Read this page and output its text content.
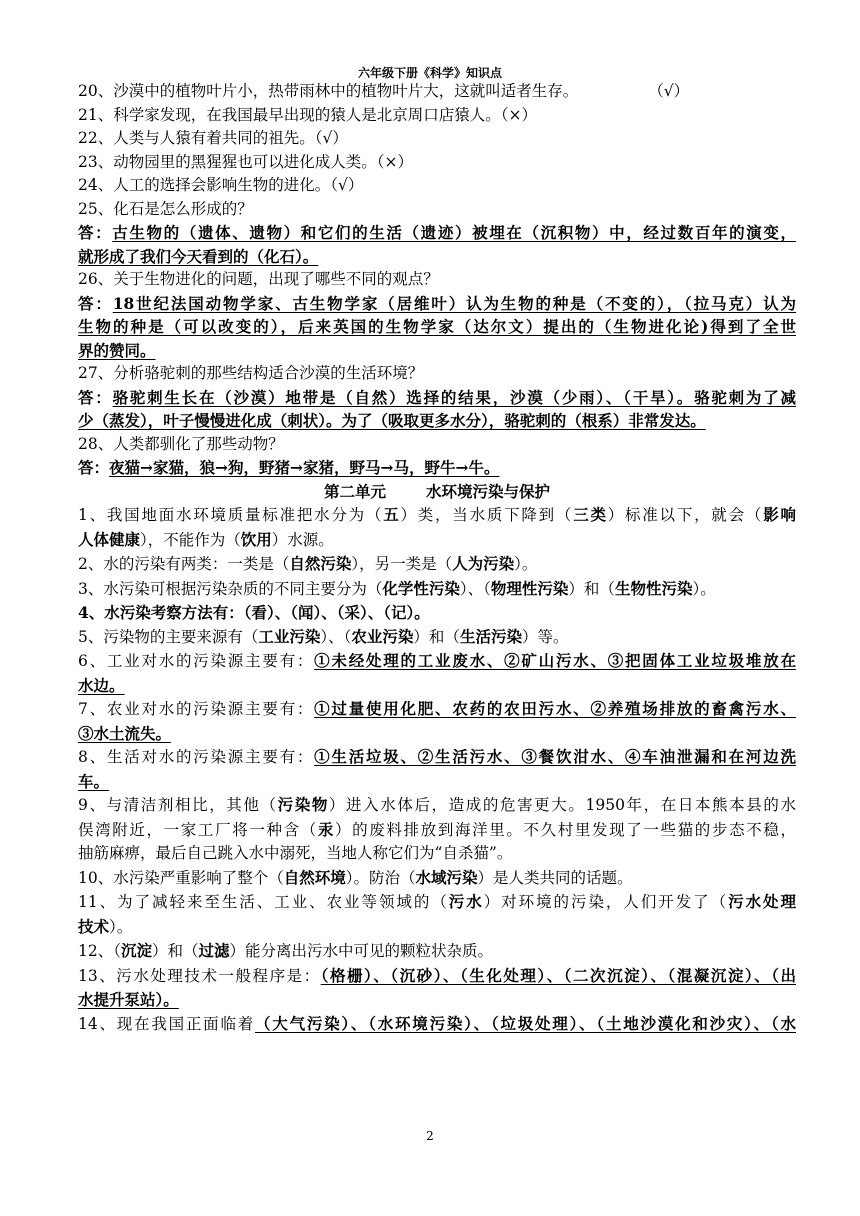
六年级下册《科学》知识点
20、沙漠中的植物叶片小，热带雨林中的植物叶片大，这就叫适者生存。	（√）
21、科学家发现，在我国最早出现的猿人是北京周口店猿人。（×）
22、人类与人猿有着共同的祖先。（√）
23、动物园里的黑猩猩也可以进化成人类。（×）
24、人工的选择会影响生物的进化。（√）
25、化石是怎么形成的？
答：古生物的（遗体、遗物）和它们的生活（遗迹）被埋在（沉积物）中，经过数百年的演变，
就形成了我们今天看到的（化石）。
26、关于生物进化的问题，出现了哪些不同的观点？
答：18世纪法国动物学家、古生物学家（居维叶）认为生物的种是（不变的），（拉马克）认为
生物的种是（可以改变的），后来英国的生物学家（达尔文）提出的（生物进化论)得到了全世
界的赞同。
27、分析骆驼刺的那些结构适合沙漠的生活环境？
答：骆驼刺生长在（沙漠）地带是（自然）选择的结果，沙漠（少雨）、（干旱）。骆驼刺为了减
少（蒸发），叶子慢慢进化成（刺状）。为了（吸取更多水分），骆驼刺的（根系）非常发达。
28、人类都驯化了那些动物？
答：夜猫→家猫，狼→狗，野猪→家猪，野马→马，野牛→牛。
第二单元	水环境污染与保护
1、我国地面水环境质量标准把水分为（五）类，当水质下降到（三类）标准以下，就会（影响
人体健康），不能作为（饮用）水源。
2、水的污染有两类：一类是（自然污染），另一类是（人为污染）。
3、水污染可根据污染杂质的不同主要分为（化学性污染）、（物理性污染）和（生物性污染）。
4、水污染考察方法有：（看）、（闻）、（采）、（记）。
5、污染物的主要来源有（工业污染）、（农业污染）和（生活污染）等。
6、工业对水的污染源主要有：①未经处理的工业废水、②矿山污水、③把固体工业垃圾堆放在
水边。
7、农业对水的污染源主要有：①过量使用化肥、农药的农田污水、②养殖场排放的畜禽污水、
③水土流失。
8、生活对水的污染源主要有：①生活垃圾、②生活污水、③餐饮泔水、④车油泄漏和在河边洗
车。
9、与清洁剂相比，其他（污染物）进入水体后，造成的危害更大。1950年，在日本熊本县的水
俣湾附近，一家工厂将一种含（汞）的废料排放到海洋里。不久村里发现了一些猫的步态不稳，
抽筋麻痹，最后自己跳入水中溺死，当地人称它们为“自杀猫”。
10、水污染严重影响了整个（自然环境）。防治（水域污染）是人类共同的话题。
11、为了减轻来至生活、工业、农业等领域的（污水）对环境的污染，人们开发了（污水处理
技术）。
12、（沉淀）和（过滤）能分离出污水中可见的颗粒状杂质。
13、污水处理技术一般程序是：（格栅）、（沉砂）、（生化处理）、（二次沉淀）、（混凝沉淀）、（出
水提升泵站）。
14、现在我国正面临着（大气污染）、（水环境污染）、（垃圾处理）、（土地沙漠化和沙灾）、（水
2
